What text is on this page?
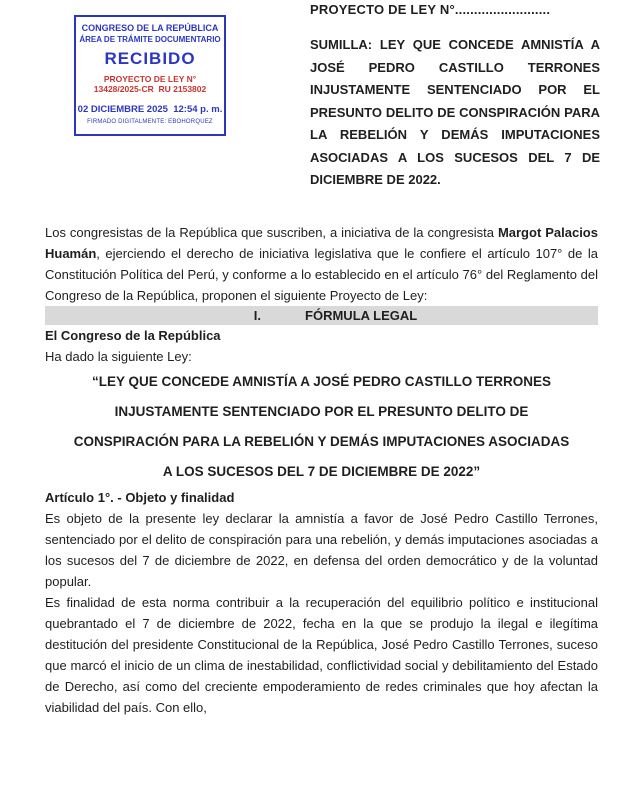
CONGRESO DE LA REPÚBLICA
ÁREA DE TRÁMITE DOCUMENTARIO
RECIBIDO
PROYECTO DE LEY N°
13428/2025-CR  RU 2153802
02 DICIEMBRE 2025  12:54 p. m.
FIRMADO DIGITALMENTE: EBOHORQUEZ
PROYECTO DE LEY N°.........................
SUMILLA: LEY QUE CONCEDE AMNISTÍA A JOSÉ PEDRO CASTILLO TERRONES INJUSTAMENTE SENTENCIADO POR EL PRESUNTO DELITO DE CONSPIRACIÓN PARA LA REBELIÓN Y DEMÁS IMPUTACIONES ASOCIADAS A LOS SUCESOS DEL 7 DE DICIEMBRE DE 2022.

Los congresistas de la República que suscriben, a iniciativa de la congresista Margot Palacios Huamán, ejerciendo el derecho de iniciativa legislativa que le confiere el artículo 107° de la Constitución Política del Perú, y conforme a lo establecido en el artículo 76° del Reglamento del Congreso de la República, proponen el siguiente Proyecto de Ley:

I.	FÓRMULA LEGAL

El Congreso de la República

Ha dado la siguiente Ley:

“LEY QUE CONCEDE AMNISTÍA A JOSÉ PEDRO CASTILLO TERRONES INJUSTAMENTE SENTENCIADO POR EL PRESUNTO DELITO DE CONSPIRACIÓN PARA LA REBELIÓN Y DEMÁS IMPUTACIONES ASOCIADAS A LOS SUCESOS DEL 7 DE DICIEMBRE DE 2022”

Artículo 1°. - Objeto y finalidad

Es objeto de la presente ley declarar la amnistía a favor de José Pedro Castillo Terrones, sentenciado por el delito de conspiración para una rebelión, y demás imputaciones asociadas a los sucesos del 7 de diciembre de 2022, en defensa del orden democrático y de la voluntad popular.

Es finalidad de esta norma contribuir a la recuperación del equilibrio político e institucional quebrantado el 7 de diciembre de 2022, fecha en la que se produjo la ilegal e ilegítima destitución del presidente Constitucional de la República, José Pedro Castillo Terrones, suceso que marcó el inicio de un clima de inestabilidad, conflictividad social y debilitamiento del Estado de Derecho, así como del creciente empoderamiento de redes criminales que hoy afectan la viabilidad del país. Con ello,
